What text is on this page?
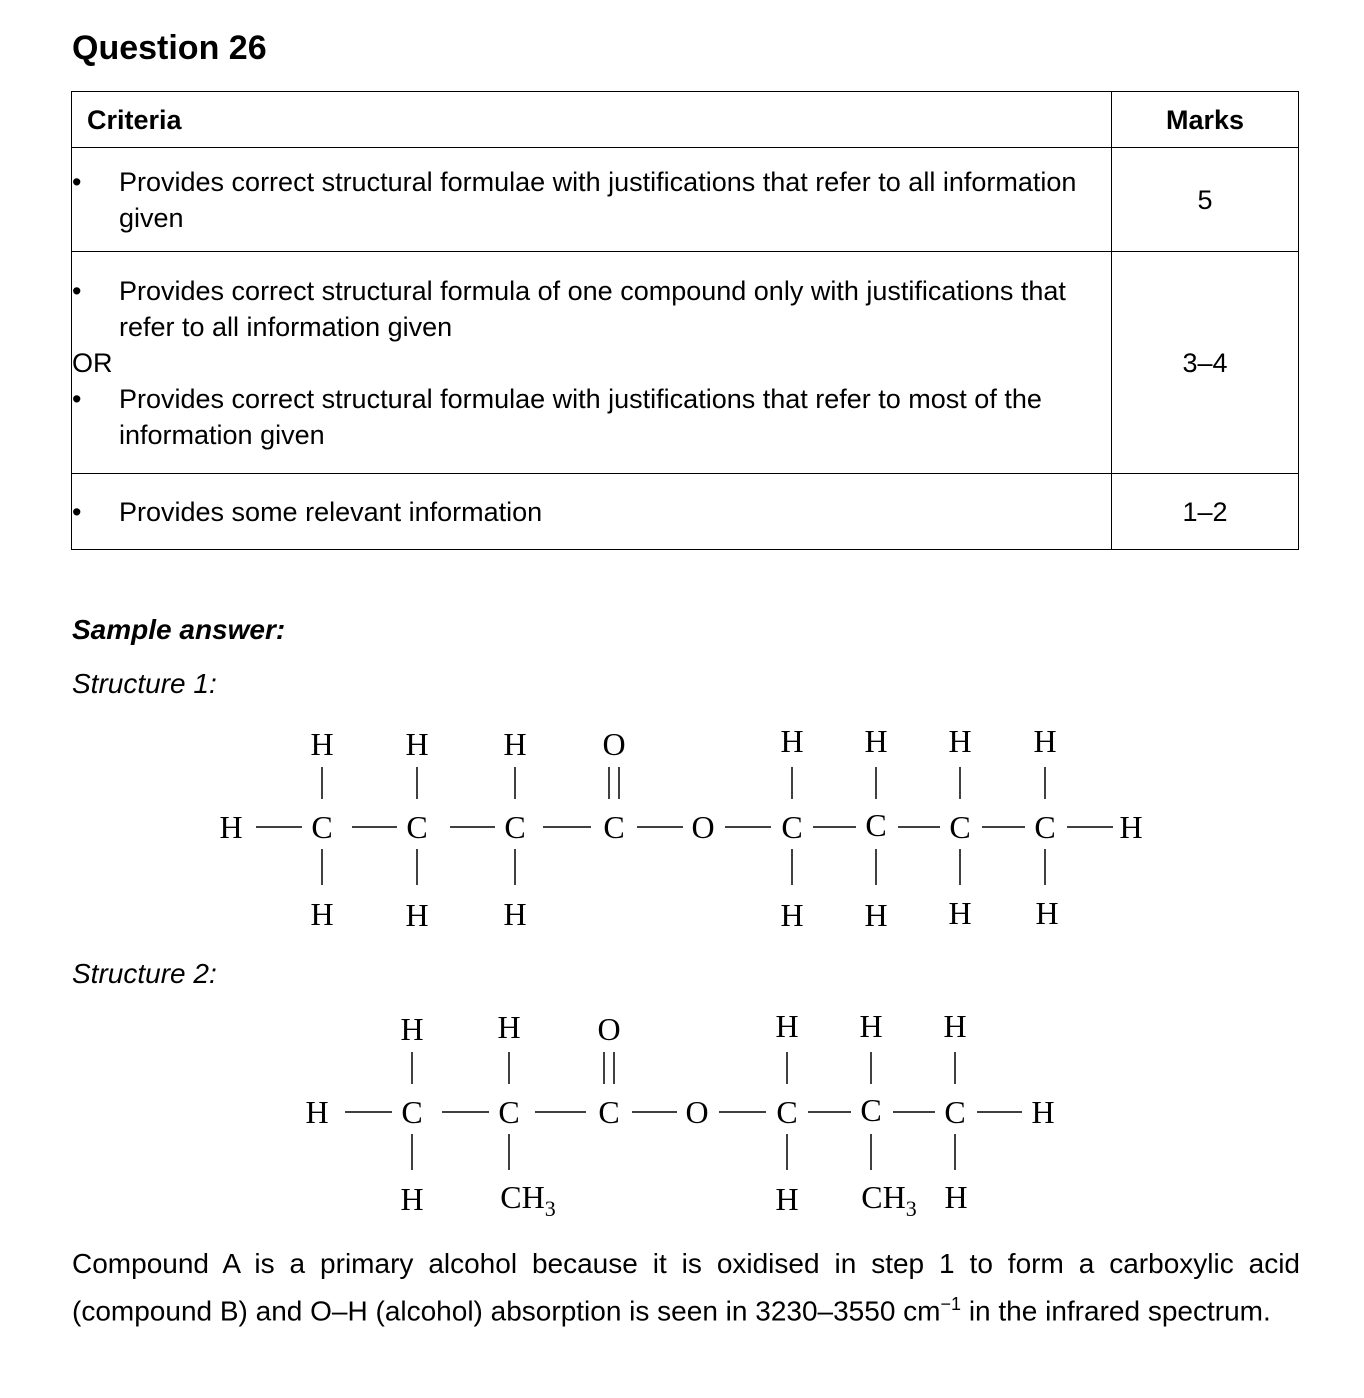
Question 26
Criteria	Marks

• Provides correct structural formulae with justifications that refer to all information given	5

• Provides correct structural formula of one compound only with justifications that refer to all information given
OR
• Provides correct structural formulae with justifications that refer to most of the information given	3–4

• Provides some relevant information	1–2
Sample answer:
Structure 1:
H H H O	H H H H
H C C C C O C C C C H
H H H	H H H H
Structure 2:
H H O	H H H
H C C C O C C C H
H $CH_3$	H $CH_3$ H

Compound A is a primary alcohol because it is oxidised in step 1 to form a carboxylic acid (compound B) and O–H (alcohol) absorption is seen in 3230–3550 $cm^{-1}$ in the infrared spectrum.
